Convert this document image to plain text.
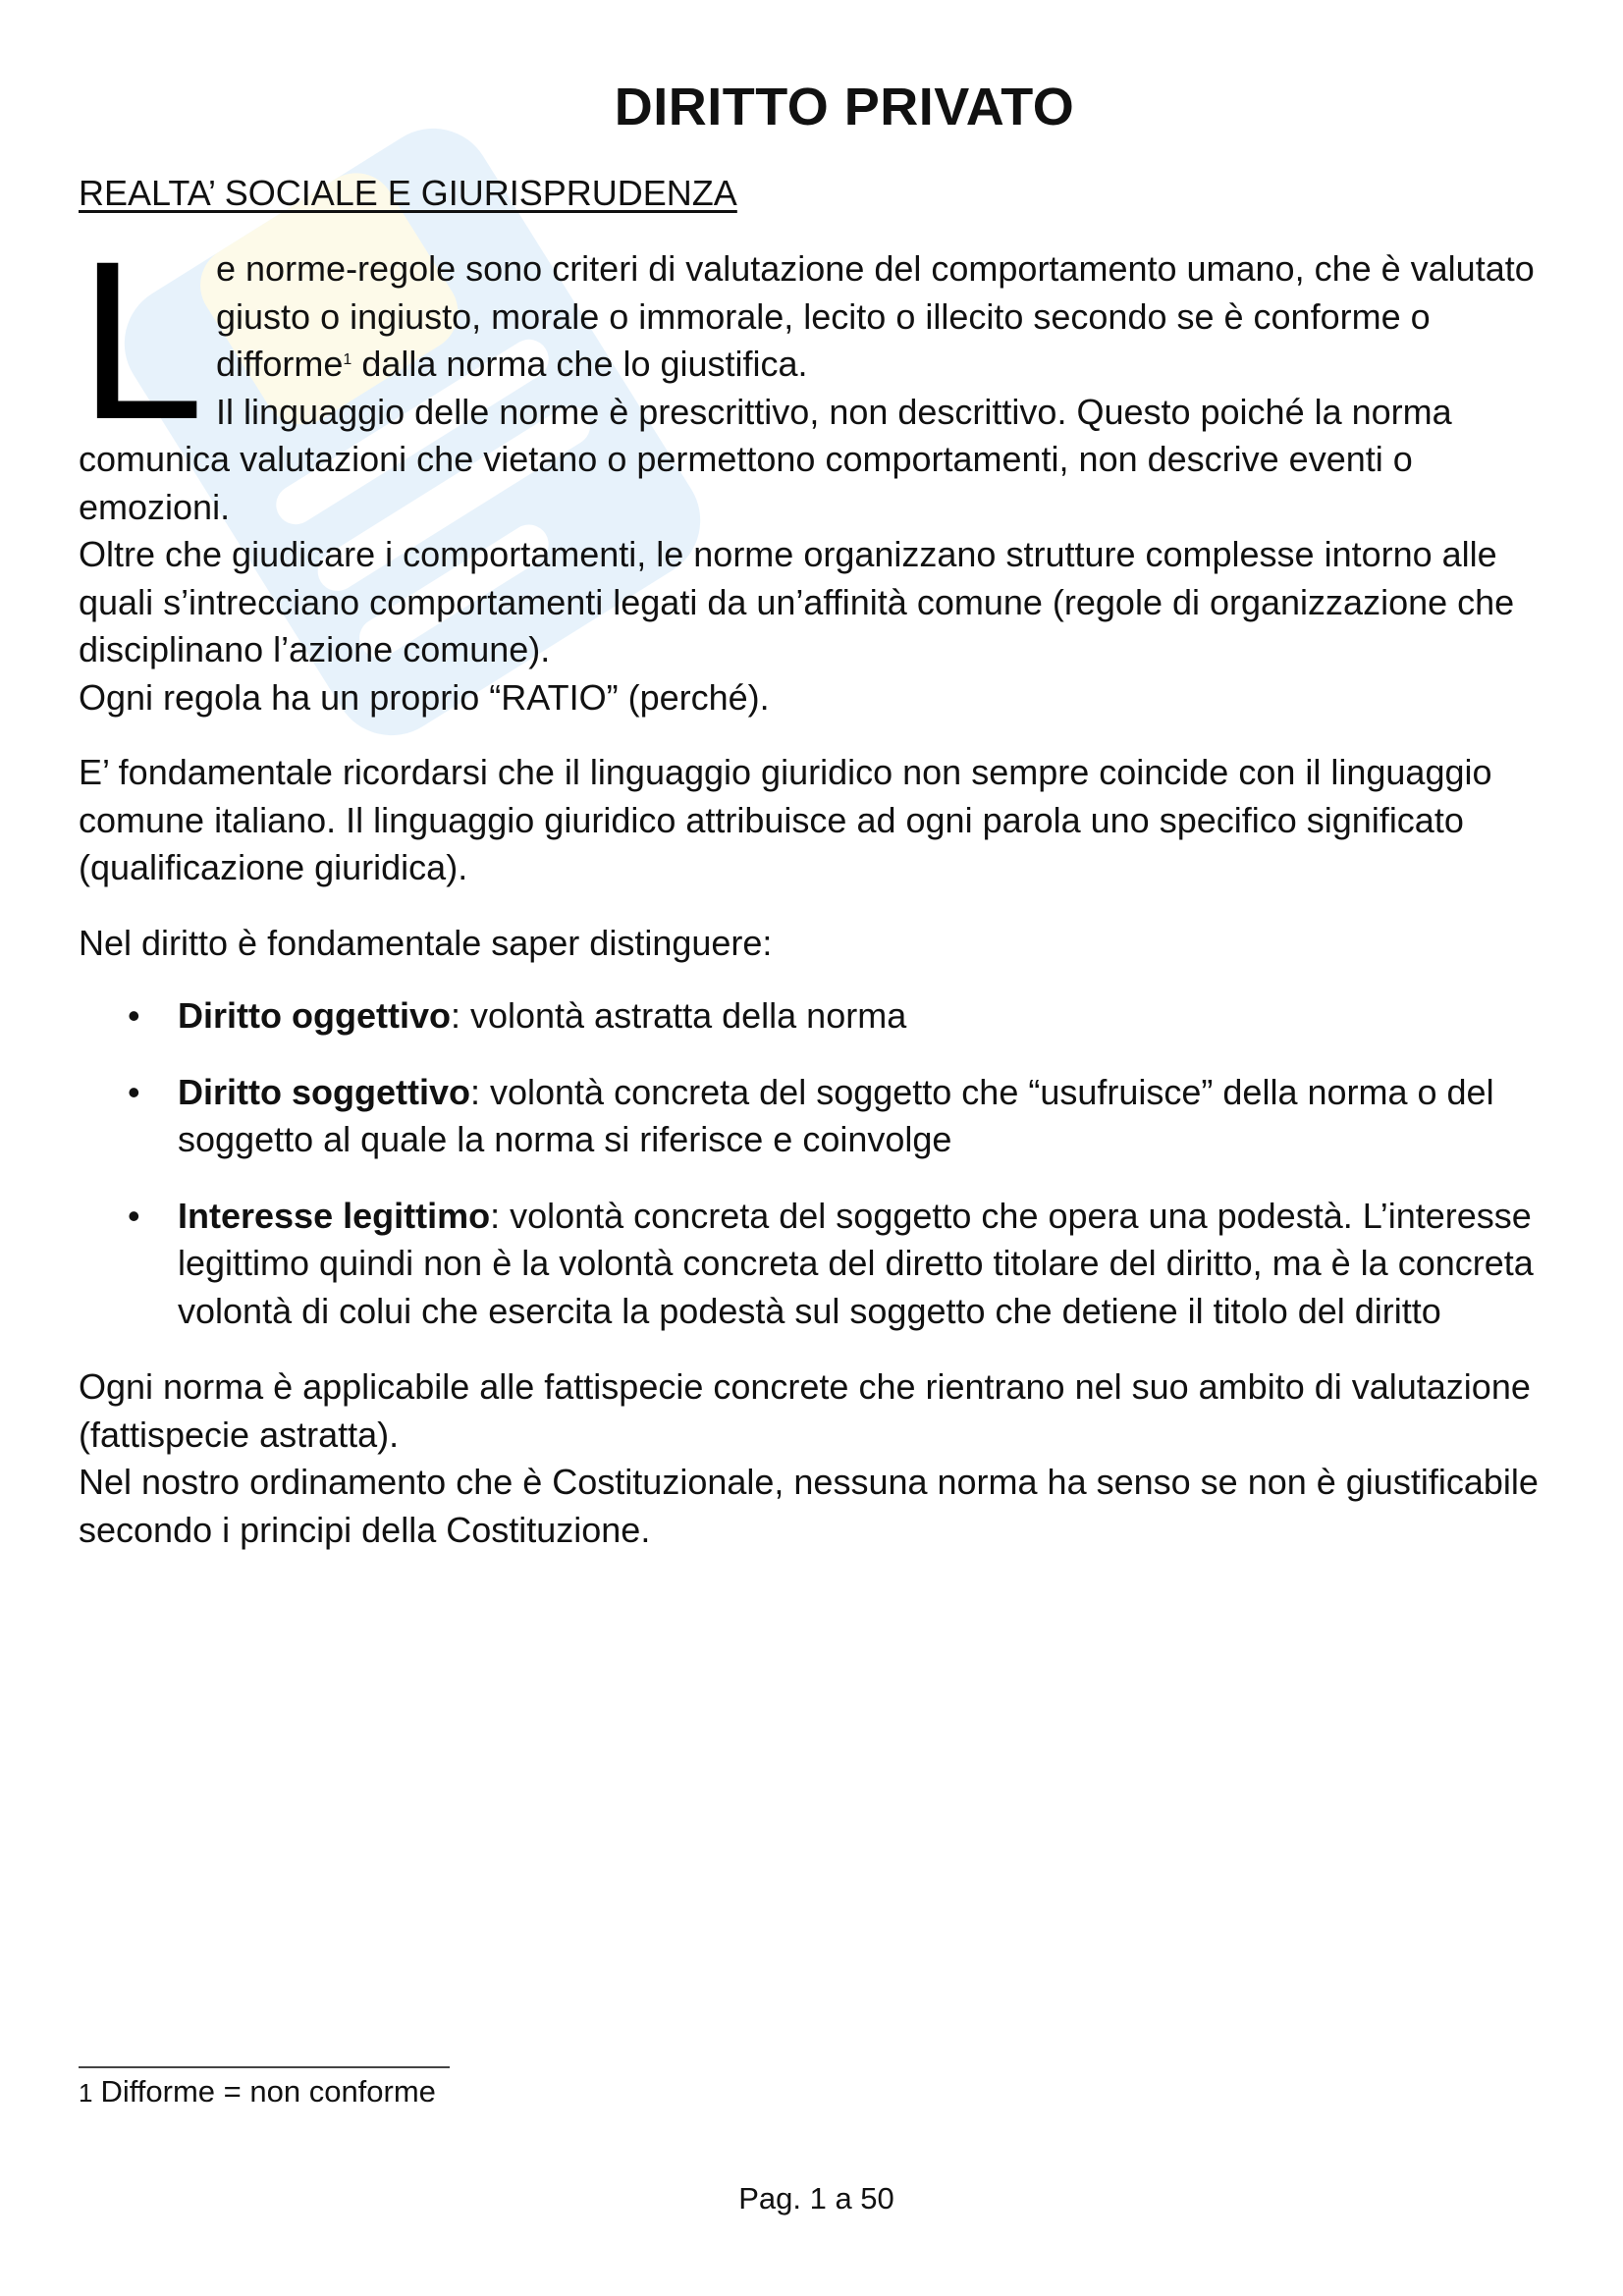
DIRITTO PRIVATO
REALTA’ SOCIALE E GIURISPRUDENZA
L e norme-regole sono criteri di valutazione del comportamento umano, che è valutato giusto o ingiusto, morale o immorale, lecito o illecito secondo se è conforme o difforme$^1$ dalla norma che lo giustifica.

Il linguaggio delle norme è prescrittivo, non descrittivo. Questo poiché la norma comunica valutazioni che vietano o permettono comportamenti, non descrive eventi o emozioni.

Oltre che giudicare i comportamenti, le norme organizzano strutture complesse intorno alle quali s’intrecciano comportamenti legati da un’affinità comune (regole di organizzazione che disciplinano l’azione comune).

Ogni regola ha un proprio “RATIO” (perché).

E’ fondamentale ricordarsi che il linguaggio giuridico non sempre coincide con il linguaggio comune italiano. Il linguaggio giuridico attribuisce ad ogni parola uno specifico significato (qualificazione giuridica).

Nel diritto è fondamentale saper distinguere:

• Diritto oggettivo: volontà astratta della norma
• Diritto soggettivo: volontà concreta del soggetto che “usufruisce” della norma o del soggetto al quale la norma si riferisce e coinvolge
• Interesse legittimo: volontà concreta del soggetto che opera una podestà. L’interesse legittimo quindi non è la volontà concreta del diretto titolare del diritto, ma è la concreta volontà di colui che esercita la podestà sul soggetto che detiene il titolo del diritto

Ogni norma è applicabile alle fattispecie concrete che rientrano nel suo ambito di valutazione (fattispecie astratta).

Nel nostro ordinamento che è Costituzionale, nessuna norma ha senso se non è giustificabile secondo i principi della Costituzione.

1 Difforme = non conforme
Pag. 1 a 50
